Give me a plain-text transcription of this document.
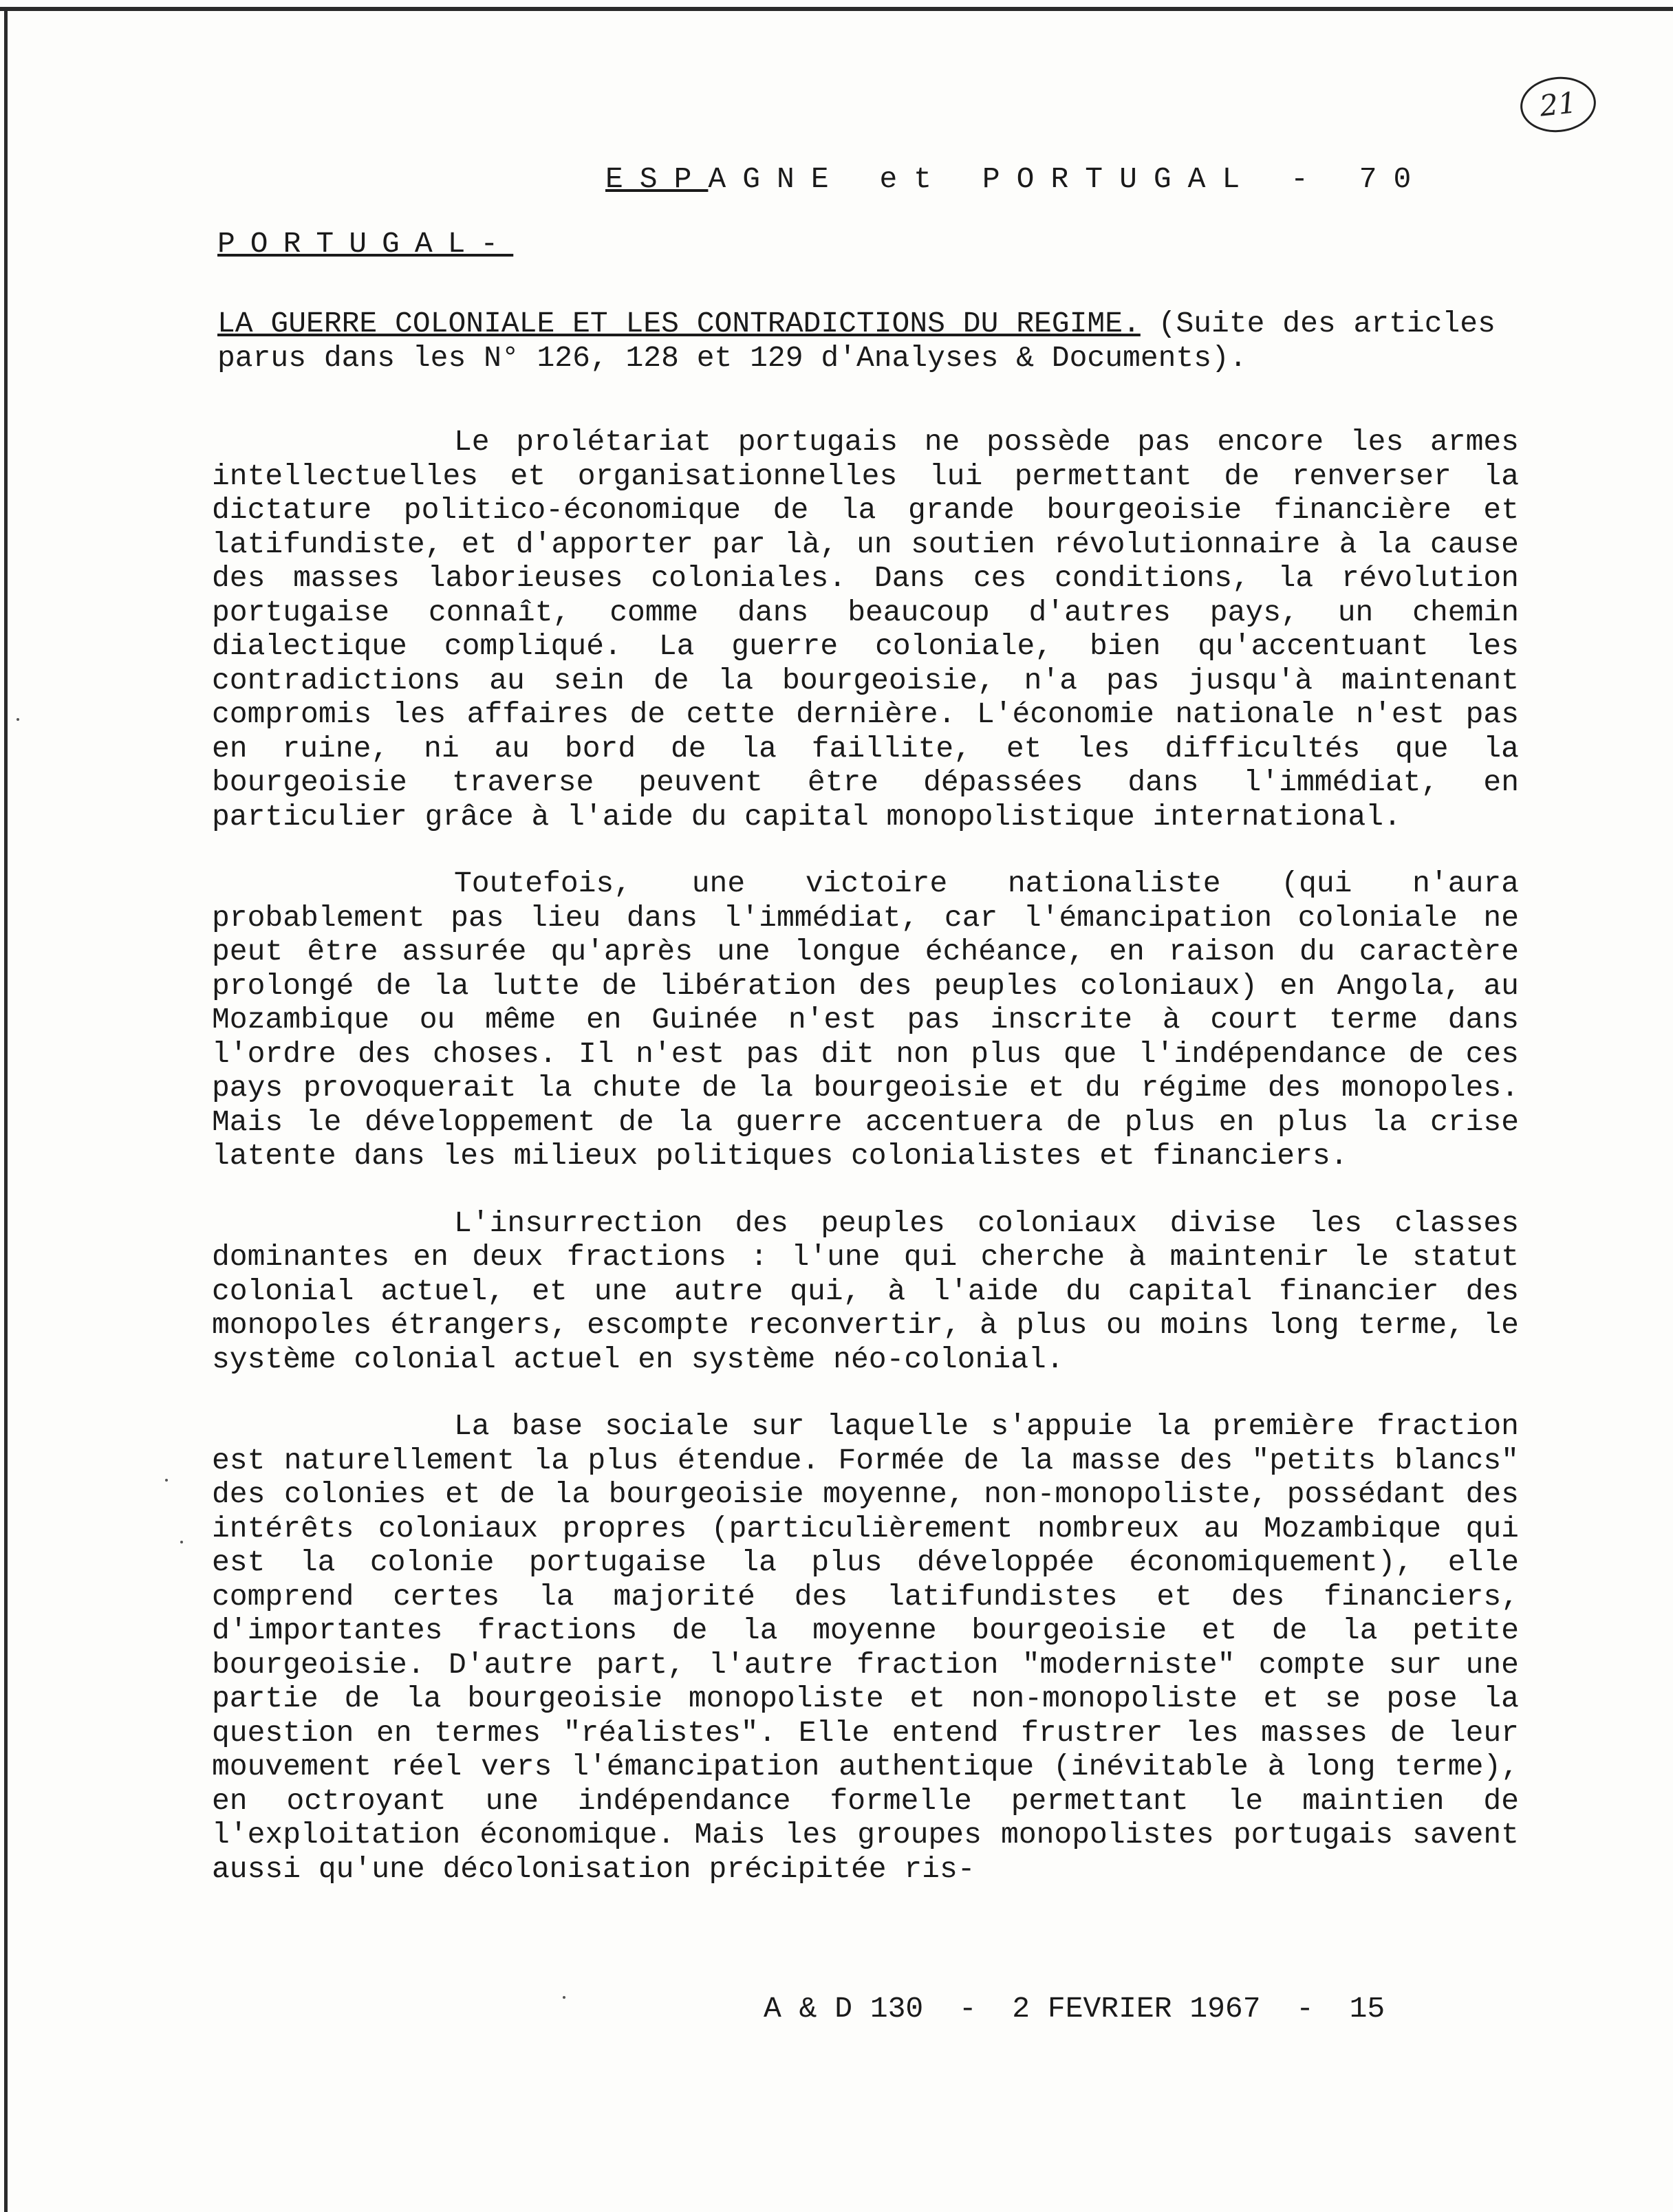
21
ESPAGNE et PORTUGAL - 70
PORTUGAL-
LA GUERRE COLONIALE ET LES CONTRADICTIONS DU REGIME. (Suite des articles parus dans les N° 126, 128 et 129 d'Analyses & Documents).

Le prolétariat portugais ne possède pas encore les armes intellectuelles et organisationnelles lui permettant de renverser la dictature politico-économique de la grande bourgeoisie financière et latifundiste, et d'apporter par là, un soutien révolutionnaire à la cause des masses laborieuses coloniales. Dans ces conditions, la révolution portugaise connaît, comme dans beaucoup d'autres pays, un chemin dialectique compliqué. La guerre coloniale, bien qu'accentuant les contradictions au sein de la bourgeoisie, n'a pas jusqu'à maintenant compromis les affaires de cette dernière. L'économie nationale n'est pas en ruine, ni au bord de la faillite, et les difficultés que la bourgeoisie traverse peuvent être dépassées dans l'immédiat, en particulier grâce à l'aide du capital monopolistique international.

Toutefois, une victoire nationaliste (qui n'aura probablement pas lieu dans l'immédiat, car l'émancipation coloniale ne peut être assurée qu'après une longue échéance, en raison du caractère prolongé de la lutte de libération des peuples coloniaux) en Angola, au Mozambique ou même en Guinée n'est pas inscrite à court terme dans l'ordre des choses. Il n'est pas dit non plus que l'indépendance de ces pays provoquerait la chute de la bourgeoisie et du régime des monopoles. Mais le développement de la guerre accentuera de plus en plus la crise latente dans les milieux politiques colonialistes et financiers.

L'insurrection des peuples coloniaux divise les classes dominantes en deux fractions : l'une qui cherche à maintenir le statut colonial actuel, et une autre qui, à l'aide du capital financier des monopoles étrangers, escompte reconvertir, à plus ou moins long terme, le système colonial actuel en système néo-colonial.

La base sociale sur laquelle s'appuie la première fraction est naturellement la plus étendue. Formée de la masse des "petits blancs" des colonies et de la bourgeoisie moyenne, non-monopoliste, possédant des intérêts coloniaux propres (particulièrement nombreux au Mozambique qui est la colonie portugaise la plus développée économiquement), elle comprend certes la majorité des latifundistes et des financiers, d'importantes fractions de la moyenne bourgeoisie et de la petite bourgeoisie. D'autre part, l'autre fraction "moderniste" compte sur une partie de la bourgeoisie monopoliste et non-monopoliste et se pose la question en termes "réalistes". Elle entend frustrer les masses de leur mouvement réel vers l'émancipation authentique (inévitable à long terme), en octroyant une indépendance formelle permettant le maintien de l'exploitation économique. Mais les groupes monopolistes portugais savent aussi qu'une décolonisation précipitée ris-

A & D 130 - 2 FEVRIER 1967 - 15
